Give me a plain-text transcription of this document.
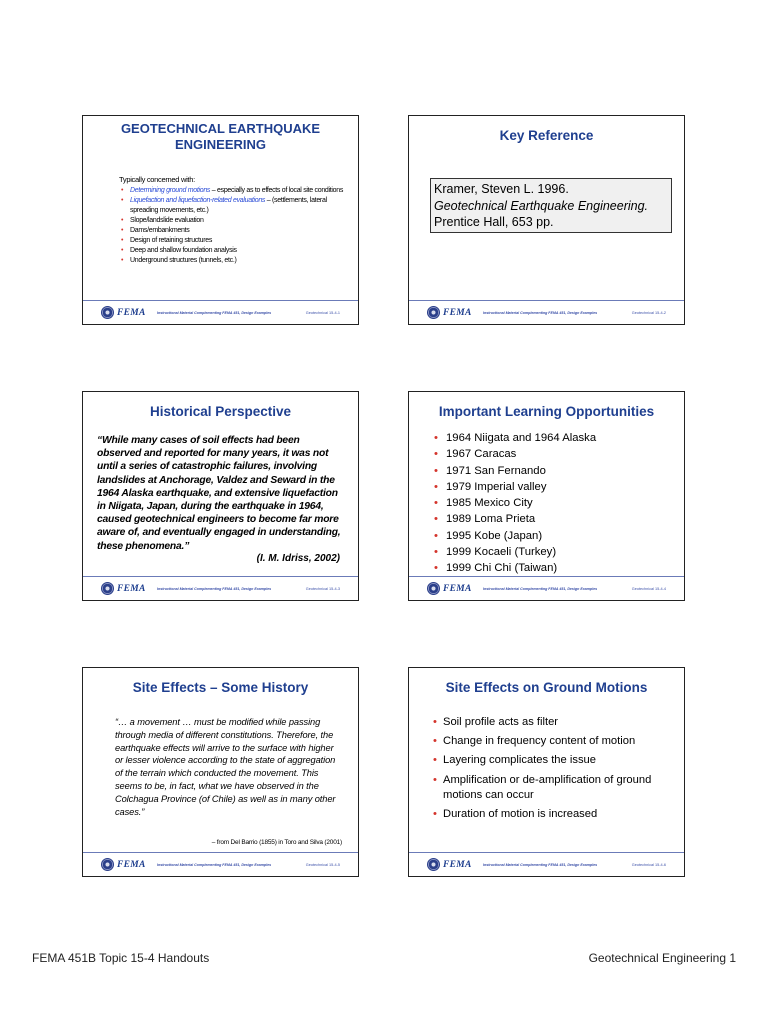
GEOTECHNICAL EARTHQUAKE ENGINEERING
Typically concerned with:
• Determining ground motions – especially as to effects of local site conditions
• Liquefaction and liquefaction-related evaluations – (settlements, lateral spreading movements, etc.)
• Slope/landslide evaluation
• Dams/embankments
• Design of retaining structures
• Deep and shallow foundation analysis
• Underground structures (tunnels, etc.)
FEMA	Instructional Material Complementing FEMA 451, Design Examples	Geotechnical 15-4-1
Key Reference
Kramer, Steven L. 1996.
Geotechnical Earthquake Engineering. Prentice Hall, 653 pp.
FEMA	Instructional Material Complementing FEMA 451, Design Examples	Geotechnical 15-4-2
Historical Perspective
“While many cases of soil effects had been observed and reported for many years, it was not until a series of catastrophic failures, involving landslides at Anchorage, Valdez and Seward in the 1964 Alaska earthquake, and extensive liquefaction in Niigata, Japan, during the earthquake in 1964, caused geotechnical engineers to become far more aware of, and eventually engaged in understanding, these phenomena.”
(I. M. Idriss, 2002)
FEMA	Instructional Material Complementing FEMA 451, Design Examples	Geotechnical 15-4-3
Important Learning Opportunities
• 1964 Niigata and 1964 Alaska
• 1967 Caracas
• 1971 San Fernando
• 1979 Imperial valley
• 1985 Mexico City
• 1989 Loma Prieta
• 1995 Kobe (Japan)
• 1999 Kocaeli (Turkey)
• 1999 Chi Chi (Taiwan)
FEMA	Instructional Material Complementing FEMA 451, Design Examples	Geotechnical 15-4-4
Site Effects – Some History
“… a movement … must be modified while passing through media of different constitutions. Therefore, the earthquake effects will arrive to the surface with higher or lesser violence according to the state of aggregation of the terrain which conducted the movement. This seems to be, in fact, what we have observed in the Colchagua Province (of Chile) as well as in many other cases.”
– from Del Barrio (1855) in Toro and Silva (2001)
FEMA	Instructional Material Complementing FEMA 451, Design Examples	Geotechnical 15-4-5
Site Effects on Ground Motions
• Soil profile acts as filter
• Change in frequency content of motion
• Layering complicates the issue
• Amplification or de-amplification of ground motions can occur
• Duration of motion is increased
FEMA	Instructional Material Complementing FEMA 451, Design Examples	Geotechnical 15-4-6
FEMA 451B Topic 15-4 Handouts	Geotechnical Engineering 1
